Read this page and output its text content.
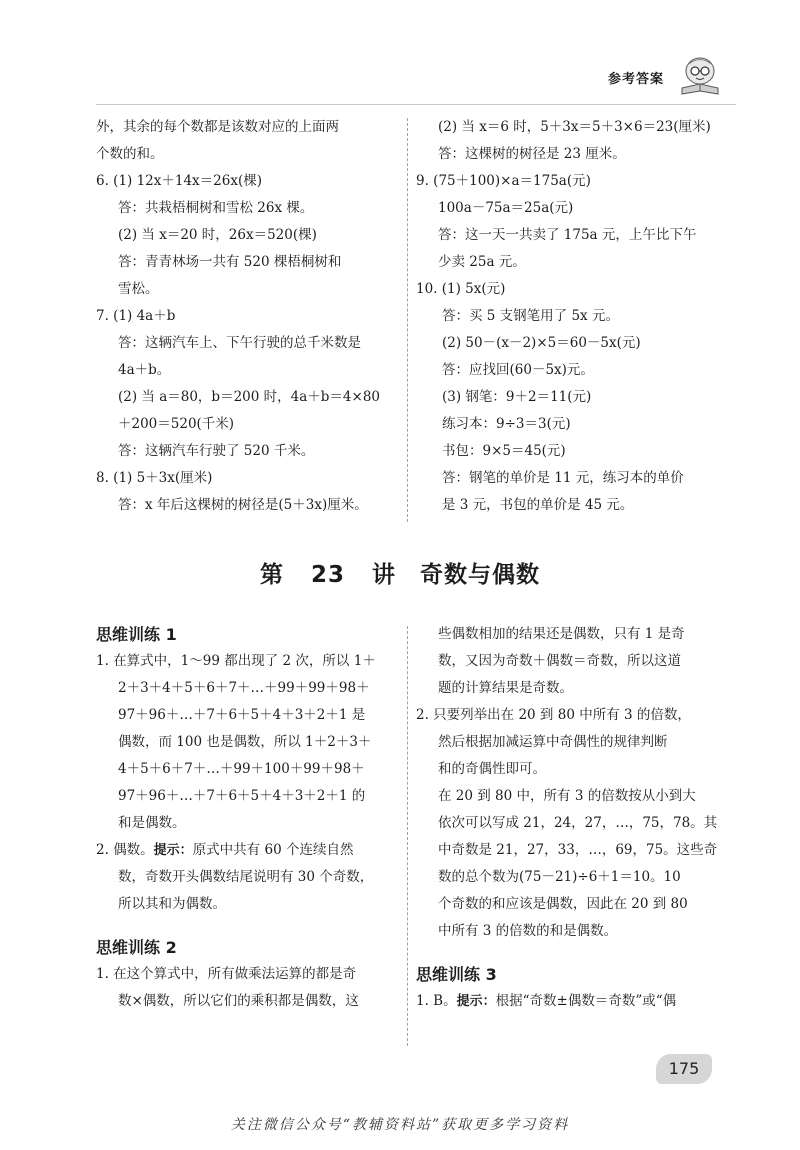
参考答案
外，其余的每个数都是该数对应的上面两
个数的和。
6. (1) 12x＋14x＝26x(棵)
答：共栽梧桐树和雪松 26x 棵。
(2) 当 x＝20 时，26x＝520(棵)
答：青青林场一共有 520 棵梧桐树和
雪松。
7. (1) 4a＋b
答：这辆汽车上、下午行驶的总千米数是
4a＋b。
(2) 当 a＝80，b＝200 时，4a＋b＝4×80
＋200＝520(千米)
答：这辆汽车行驶了 520 千米。
8. (1) 5＋3x(厘米)
答：x 年后这棵树的树径是(5＋3x)厘米。
(2) 当 x＝6 时，5＋3x＝5＋3×6＝23(厘米)
答：这棵树的树径是 23 厘米。
9. (75＋100)×a＝175a(元)
100a－75a＝25a(元)
答：这一天一共卖了 175a 元，上午比下午
少卖 25a 元。
10. (1) 5x(元)
答：买 5 支钢笔用了 5x 元。
(2) 50－(x－2)×5＝60－5x(元)
答：应找回(60－5x)元。
(3) 钢笔：9＋2＝11(元)
练习本：9÷3＝3(元)
书包：9×5＝45(元)
答：钢笔的单价是 11 元，练习本的单价
是 3 元，书包的单价是 45 元。
第 23 讲　奇数与偶数
思维训练 1
1. 在算式中，1～99 都出现了 2 次，所以 1＋
2＋3＋4＋5＋6＋7＋…＋99＋99＋98＋
97＋96＋…＋7＋6＋5＋4＋3＋2＋1 是
偶数，而 100 也是偶数，所以 1＋2＋3＋
4＋5＋6＋7＋…＋99＋100＋99＋98＋
97＋96＋…＋7＋6＋5＋4＋3＋2＋1 的
和是偶数。
2. 偶数。提示：原式中共有 60 个连续自然
数，奇数开头偶数结尾说明有 30 个奇数，
所以其和为偶数。
思维训练 2
1. 在这个算式中，所有做乘法运算的都是奇
数×偶数，所以它们的乘积都是偶数，这
些偶数相加的结果还是偶数，只有 1 是奇
数，又因为奇数＋偶数＝奇数，所以这道
题的计算结果是奇数。
2. 只要列举出在 20 到 80 中所有 3 的倍数，
然后根据加减运算中奇偶性的规律判断
和的奇偶性即可。
在 20 到 80 中，所有 3 的倍数按从小到大
依次可以写成 21，24，27，…，75，78。其
中奇数是 21，27，33，…，69，75。这些奇
数的总个数为(75－21)÷6＋1＝10。10
个奇数的和应该是偶数，因此在 20 到 80
中所有 3 的倍数的和是偶数。
思维训练 3
1. B。提示：根据“奇数±偶数＝奇数”或“偶
175
关注微信公众号“教辅资料站”获取更多学习资料
